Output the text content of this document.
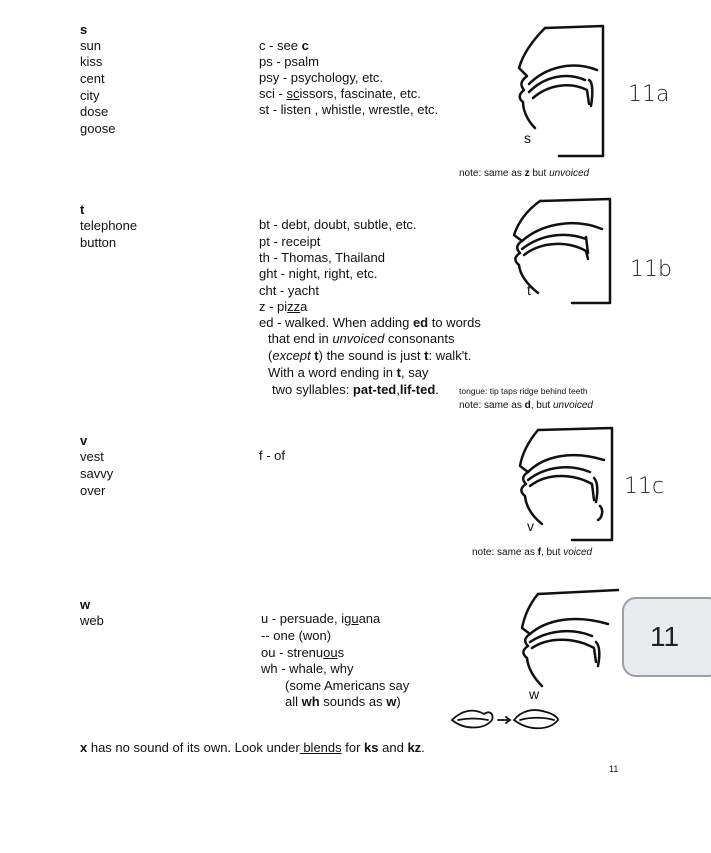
s
sun
kiss
cent
city
dose
goose
c - see c
ps - psalm
psy - psychology, etc.
sci - scissors, fascinate, etc.
st - listen , whistle, wrestle, etc.
s
11a
note: same as z but unvoiced
t
telephone
button
bt - debt, doubt, subtle, etc.
pt - receipt
th - Thomas, Thailand
ght - night, right, etc.
cht - yacht
z - pizza
ed - walked. When adding ed to words
that end in unvoiced consonants
(except t) the sound is just t: walk't.
With a word ending in t, say
two syllables: pat-ted,lif-ted.
t
11b
tongue: tip taps ridge behind teeth
note: same as d, but unvoiced
v
vest
savvy
over
f - of
v
11c
note: same as f, but voiced
w
web	u - persuade, iguana
-- one (won)
ou - strenuous
wh - whale, why
(some Americans say
all wh sounds as w)	w
x has no sound of its own. Look under blends for ks and kz.
11
11
